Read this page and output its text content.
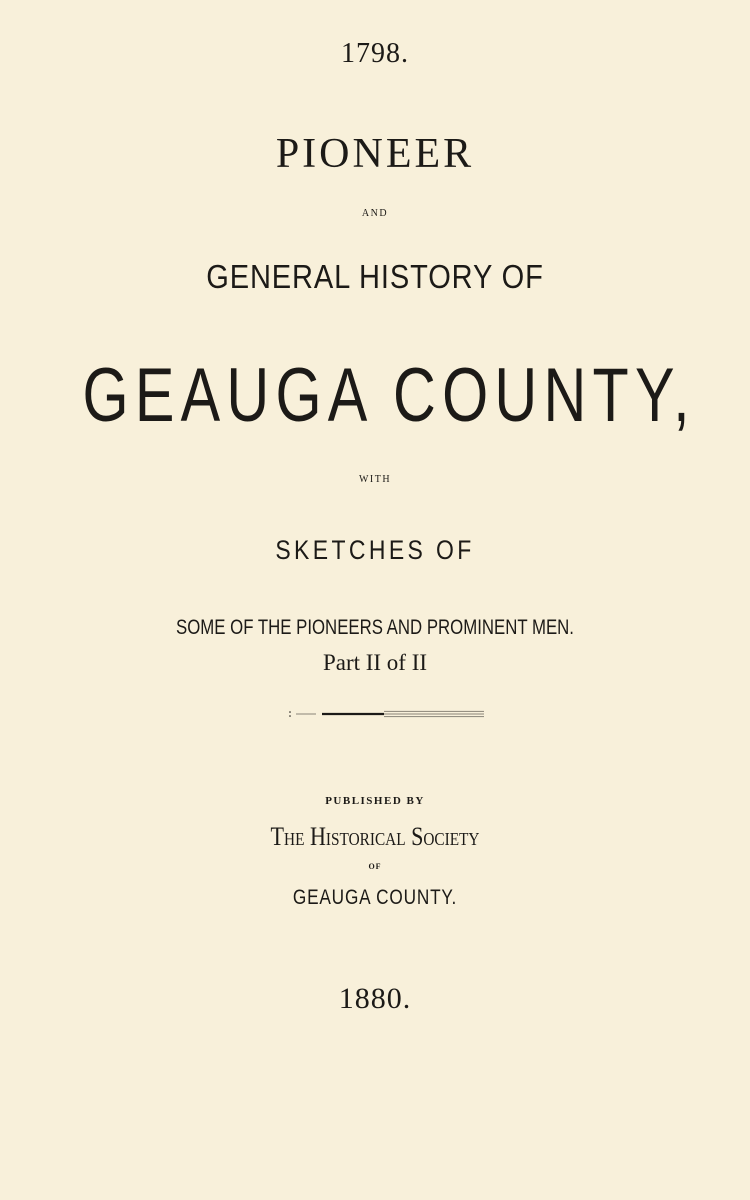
1798.
PIONEER
AND
GENERAL HISTORY OF
GEAUGA COUNTY,
WITH
SKETCHES OF
SOME OF THE PIONEERS AND PROMINENT MEN.
Part II of II
PUBLISHED BY
The Historical Society
OF
GEAUGA COUNTY.
1880.
